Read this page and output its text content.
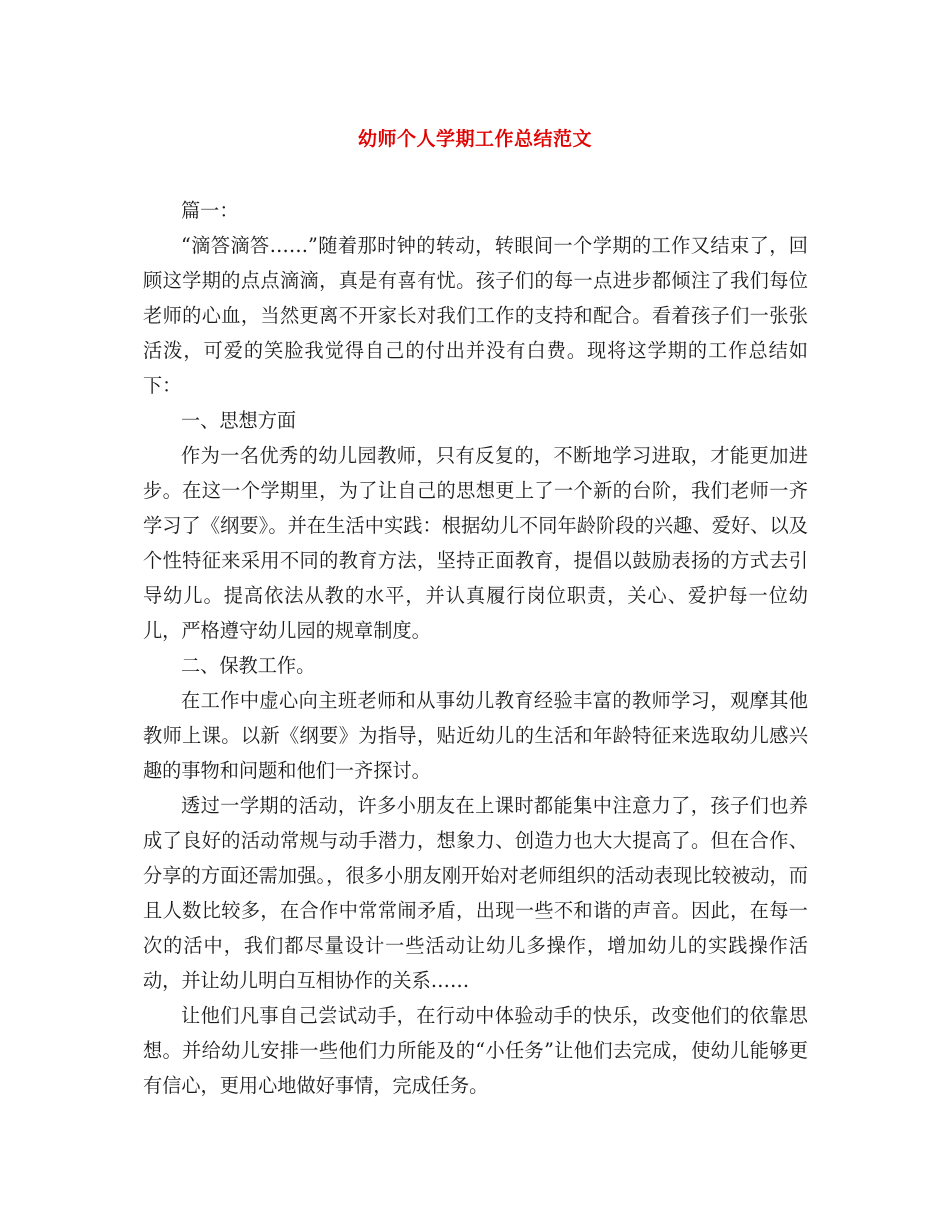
幼师个人学期工作总结范文

篇一：

“滴答滴答……”随着那时钟的转动，转眼间一个学期的工作又结束了，回顾这学期的点点滴滴，真是有喜有忧。孩子们的每一点进步都倾注了我们每位老师的心血，当然更离不开家长对我们工作的支持和配合。看着孩子们一张张活泼，可爱的笑脸我觉得自己的付出并没有白费。现将这学期的工作总结如下：

一、思想方面

作为一名优秀的幼儿园教师，只有反复的，不断地学习进取，才能更加进步。在这一个学期里，为了让自己的思想更上了一个新的台阶，我们老师一齐学习了《纲要》。并在生活中实践：根据幼儿不同年龄阶段的兴趣、爱好、以及个性特征来采用不同的教育方法，坚持正面教育，提倡以鼓励表扬的方式去引导幼儿。提高依法从教的水平，并认真履行岗位职责，关心、爱护每一位幼儿，严格遵守幼儿园的规章制度。

二、保教工作。

在工作中虚心向主班老师和从事幼儿教育经验丰富的教师学习，观摩其他教师上课。以新《纲要》为指导，贴近幼儿的生活和年龄特征来选取幼儿感兴趣的事物和问题和他们一齐探讨。

透过一学期的活动，许多小朋友在上课时都能集中注意力了，孩子们也养成了良好的活动常规与动手潜力，想象力、创造力也大大提高了。但在合作、分享的方面还需加强。，很多小朋友刚开始对老师组织的活动表现比较被动，而且人数比较多，在合作中常常闹矛盾，出现一些不和谐的声音。因此，在每一次的活中，我们都尽量设计一些活动让幼儿多操作，增加幼儿的实践操作活动，并让幼儿明白互相协作的关系……

让他们凡事自己尝试动手，在行动中体验动手的快乐，改变他们的依靠思想。并给幼儿安排一些他们力所能及的“小任务”让他们去完成，使幼儿能够更有信心，更用心地做好事情，完成任务。
